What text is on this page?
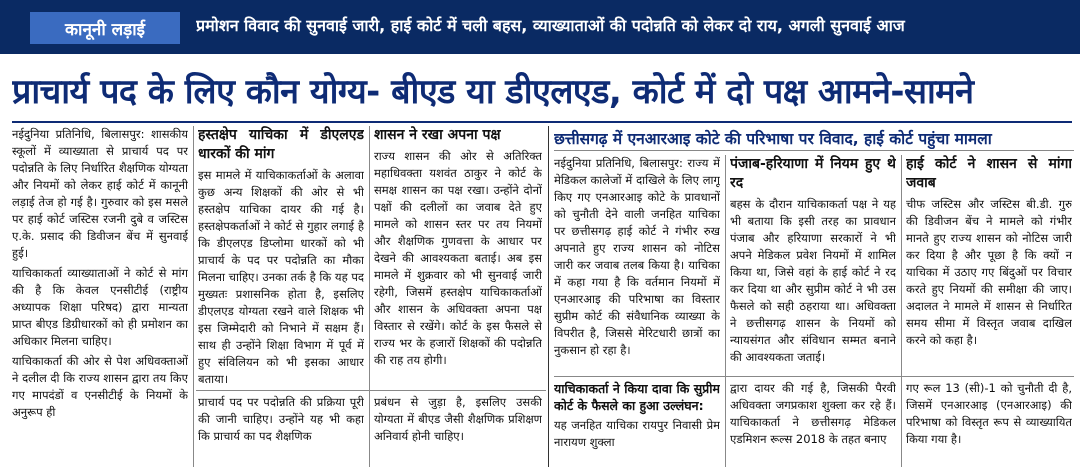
कानूनी लड़ाई	प्रमोशन विवाद की सुनवाई जारी, हाई कोर्ट में चली बहस, व्याख्याताओं की पदोन्नति को लेकर दो राय, अगली सुनवाई आज
प्राचार्य पद के लिए कौन योग्य- बीएड या डीएलएड, कोर्ट में दो पक्ष आमने-सामने

नईदुनिया प्रतिनिधि, बिलासपुर: शासकीय स्कूलों में व्याख्याता से प्राचार्य पद पर पदोन्नति के लिए निर्धारित शैक्षणिक योग्यता और नियमों को लेकर हाई कोर्ट में कानूनी लड़ाई तेज हो गई है। गुरुवार को इस मसले पर हाई कोर्ट जस्टिस रजनी दुबे व जस्टिस ए.के. प्रसाद की डिवीजन बेंच में सुनवाई हुई।

याचिकाकर्ता व्याख्याताओं ने कोर्ट से मांग की है कि केवल एनसीटीई (राष्ट्रीय अध्यापक शिक्षा परिषद) द्वारा मान्यता प्राप्त बीएड डिग्रीधारकों को ही प्रमोशन का अधिकार मिलना चाहिए।

याचिकाकर्ता की ओर से पेश अधिवक्ताओं ने दलील दी कि राज्य शासन द्वारा तय किए गए मापदंडों व एनसीटीई के नियमों के अनुरूप ही

हस्तक्षेप याचिका में डीएलएड धारकों की मांग

इस मामले में याचिकाकर्ताओं के अलावा कुछ अन्य शिक्षकों की ओर से भी हस्तक्षेप याचिका दायर की गई है। हस्तक्षेपकर्ताओं ने कोर्ट से गुहार लगाई है कि डीएलएड डिप्लोमा धारकों को भी प्राचार्य के पद पर पदोन्नति का मौका मिलना चाहिए। उनका तर्क है कि यह पद मुख्यतः प्रशासनिक होता है, इसलिए डीएलएड योग्यता रखने वाले शिक्षक भी इस जिम्मेदारी को निभाने में सक्षम हैं। साथ ही उन्होंने शिक्षा विभाग में पूर्व में हुए संविलियन को भी इसका आधार बताया।

शासन ने रखा अपना पक्ष

राज्य शासन की ओर से अतिरिक्त महाधिवक्ता यशवंत ठाकुर ने कोर्ट के समक्ष शासन का पक्ष रखा। उन्होंने दोनों पक्षों की दलीलों का जवाब देते हुए मामले को शासन स्तर पर तय नियमों और शैक्षणिक गुणवत्ता के आधार पर देखने की आवश्यकता बताई। अब इस मामले में शुक्रवार को भी सुनवाई जारी रहेगी, जिसमें हस्तक्षेप याचिकाकर्ताओं और शासन के अधिवक्ता अपना पक्ष विस्तार से रखेंगे। कोर्ट के इस फैसले से राज्य भर के हजारों शिक्षकों की पदोन्नति की राह तय होगी।

प्राचार्य पद पर पदोन्नति की प्रक्रिया पूरी की जानी चाहिए। उन्होंने यह भी कहा कि प्राचार्य का पद शैक्षणिक

प्रबंधन से जुड़ा है, इसलिए उसकी योग्यता में बीएड जैसी शैक्षणिक प्रशिक्षण अनिवार्य होनी चाहिए।

छत्तीसगढ़ में एनआरआइ कोटे की परिभाषा पर विवाद, हाई कोर्ट पहुंचा मामला

नईदुनिया प्रतिनिधि, बिलासपुर: राज्य में मेडिकल कालेजों में दाखिले के लिए लागू किए गए एनआरआइ कोटे के प्रावधानों को चुनौती देने वाली जनहित याचिका पर छत्तीसगढ़ हाई कोर्ट ने गंभीर रुख अपनाते हुए राज्य शासन को नोटिस जारी कर जवाब तलब किया है। याचिका में कहा गया है कि वर्तमान नियमों में एनआरआइ की परिभाषा का विस्तार सुप्रीम कोर्ट की संवैधानिक व्याख्या के विपरीत है, जिससे मेरिटधारी छात्रों का नुकसान हो रहा है।

पंजाब-हरियाणा में नियम हुए थे रद

बहस के दौरान याचिकाकर्ता पक्ष ने यह भी बताया कि इसी तरह का प्रावधान पंजाब और हरियाणा सरकारों ने भी अपने मेडिकल प्रवेश नियमों में शामिल किया था, जिसे वहां के हाई कोर्ट ने रद कर दिया था और सुप्रीम कोर्ट ने भी उस फैसले को सही ठहराया था। अधिवक्ता ने छत्तीसगढ़ शासन के नियमों को न्यायसंगत और संविधान सम्मत बनाने की आवश्यकता जताई।

हाई कोर्ट ने शासन से मांगा जवाब

चीफ जस्टिस और जस्टिस बी.डी. गुरु की डिवीजन बेंच ने मामले को गंभीर मानते हुए राज्य शासन को नोटिस जारी कर दिया है और पूछा है कि क्यों न याचिका में उठाए गए बिंदुओं पर विचार करते हुए नियमों की समीक्षा की जाए। अदालत ने मामले में शासन से निर्धारित समय सीमा में विस्तृत जवाब दाखिल करने को कहा है।

याचिकाकर्ता ने किया दावा कि सुप्रीम कोर्ट के फैसले का हुआ उल्लंघन:

यह जनहित याचिका रायपुर निवासी प्रेम नारायण शुक्ला

द्वारा दायर की गई है, जिसकी पैरवी अधिवक्ता जगप्रकाश शुक्ला कर रहे हैं। याचिकाकर्ता ने छत्तीसगढ़ मेडिकल एडमिशन रूल्स 2018 के तहत बनाए

गए रूल 13 (सी)-1 को चुनौती दी है, जिसमें एनआरआइ (एनआरआइ) की परिभाषा को विस्तृत रूप से व्याख्यायित किया गया है।
